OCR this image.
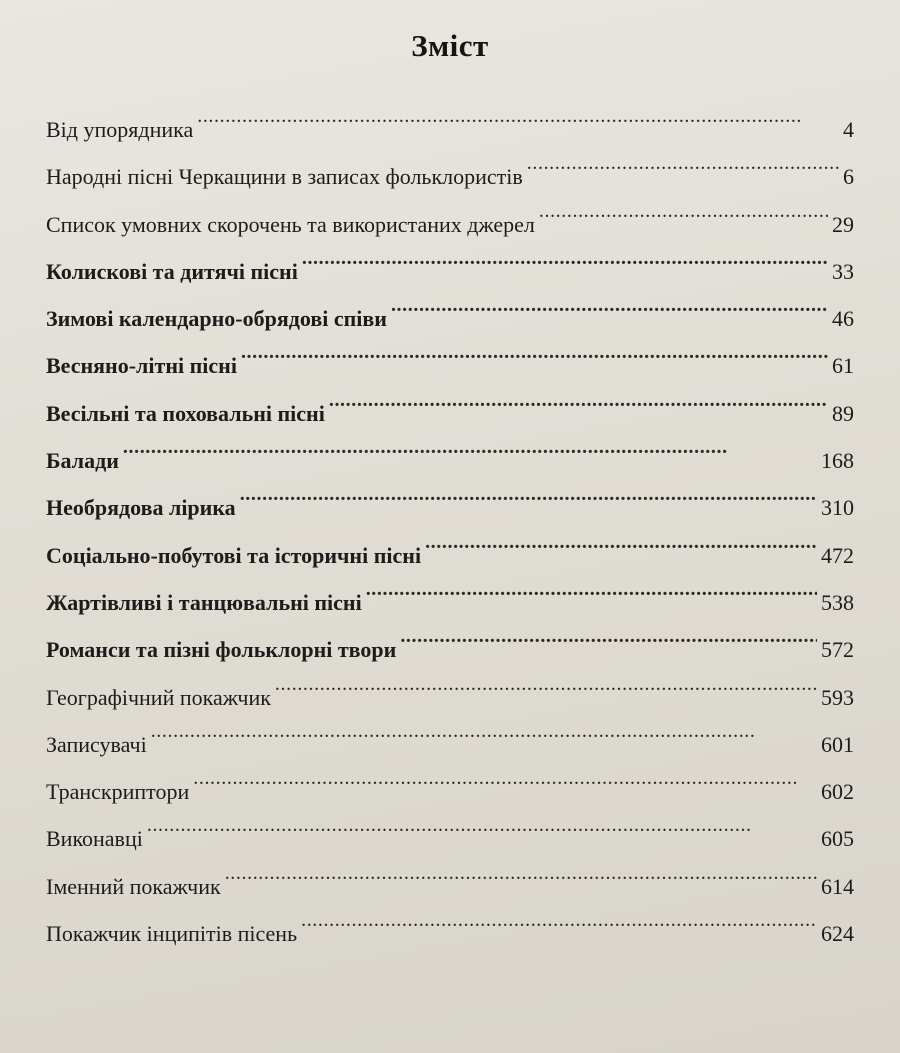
Зміст
Від упорядника . . .	4
Народні пісні Черкащини в записах фольклористів . . .	6
Список умовних скорочень та використаних джерел . . .	29
Колискові та дитячі пісні . . .	33
Зимові календарно-обрядові співи . . .	46
Весняно-літні пісні . . .	61
Весільні та поховальні пісні . . .	89
Балади . . .	168
Необрядова лірика . . .	310
Соціально-побутові та історичні пісні . . .	472
Жартівливі і танцювальні пісні . . .	538
Романси та пізні фольклорні твори . . .	572
Географічний покажчик . . .	593
Записувачі . . .	601
Транскриптори . . .	602
Виконавці . . .	605
Іменний покажчик . . .	614
Покажчик інципітів пісень . . .	624
